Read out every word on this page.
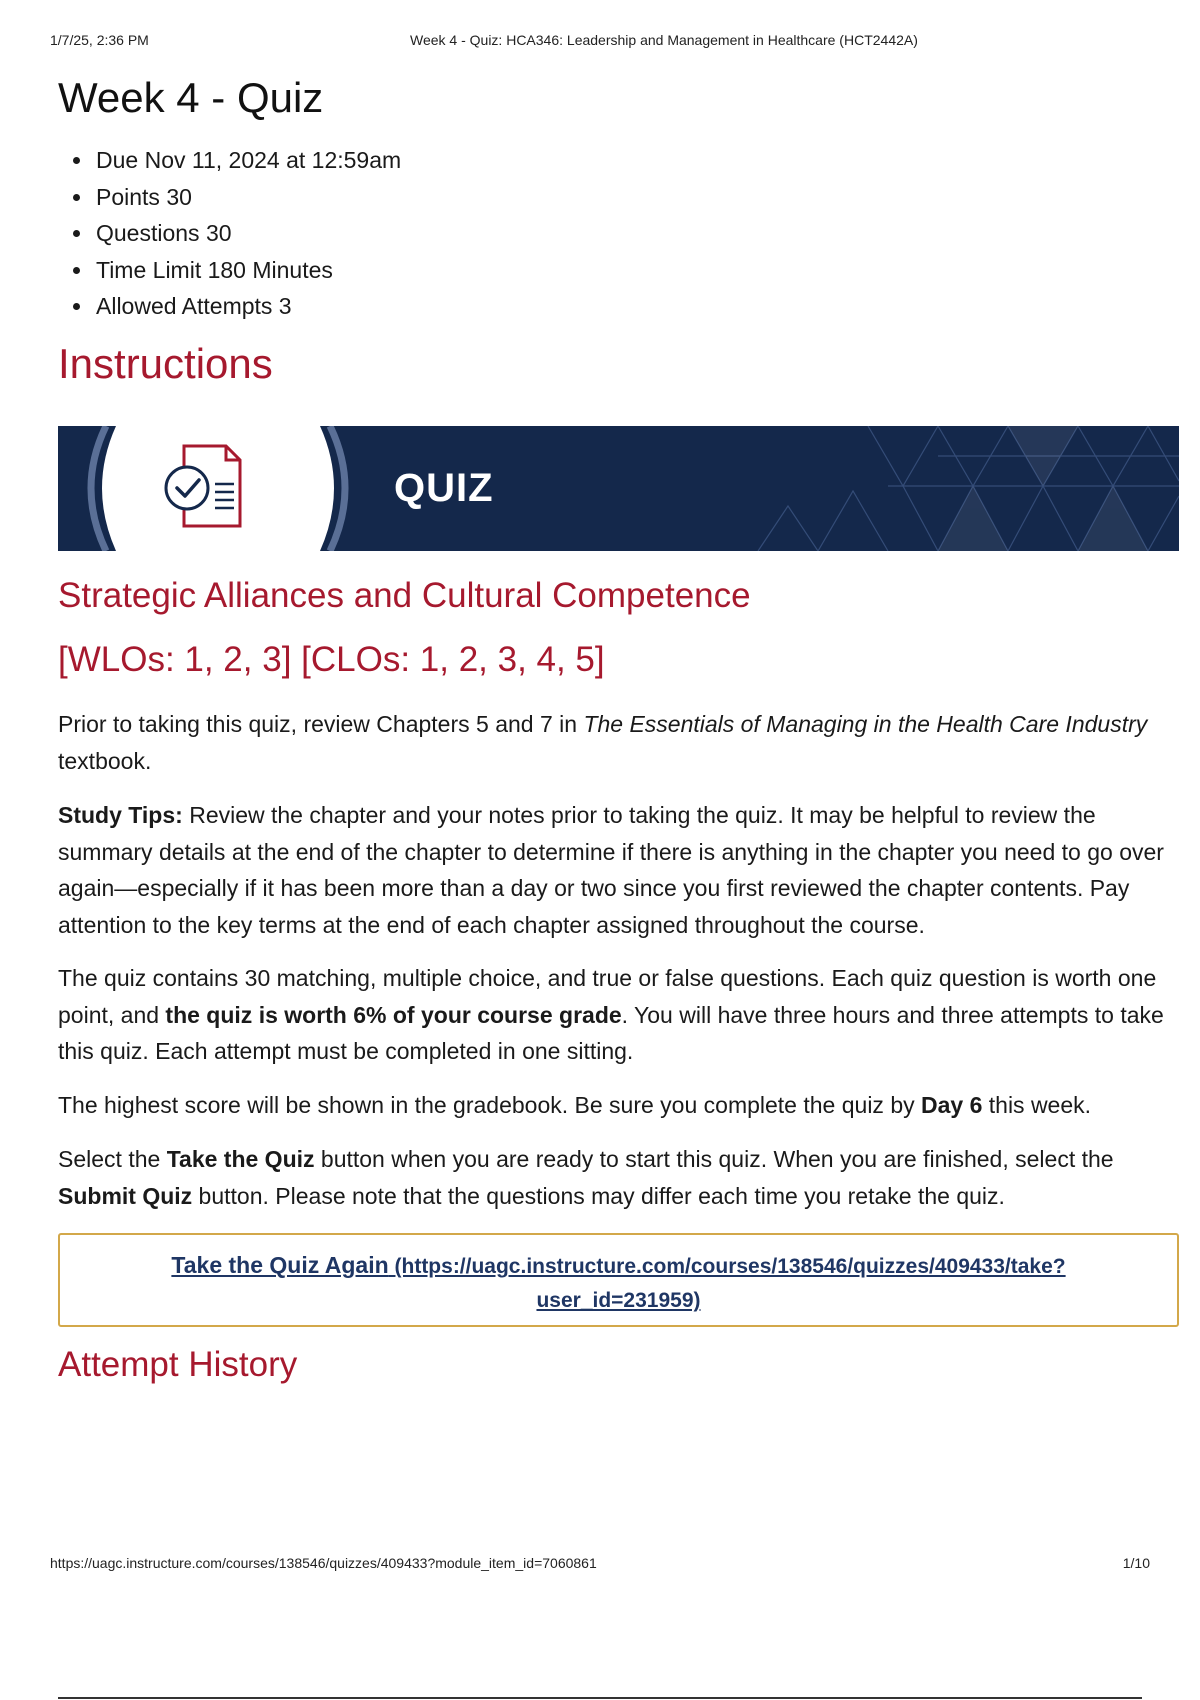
1/7/25, 2:36 PM	Week 4 - Quiz: HCA346: Leadership and Management in Healthcare (HCT2442A)
Week 4 - Quiz
Due Nov 11, 2024 at 12:59am
Points 30
Questions 30
Time Limit 180 Minutes
Allowed Attempts 3
Instructions
QUIZ
Strategic Alliances and Cultural Competence
[WLOs: 1, 2, 3] [CLOs: 1, 2, 3, 4, 5]

Prior to taking this quiz, review Chapters 5 and 7 in The Essentials of Managing in the Health Care Industry textbook.

Study Tips: Review the chapter and your notes prior to taking the quiz. It may be helpful to review the summary details at the end of the chapter to determine if there is anything in the chapter you need to go over again—especially if it has been more than a day or two since you first reviewed the chapter contents. Pay attention to the key terms at the end of each chapter assigned throughout the course.

The quiz contains 30 matching, multiple choice, and true or false questions. Each quiz question is worth one point, and the quiz is worth 6% of your course grade. You will have three hours and three attempts to take this quiz. Each attempt must be completed in one sitting.

The highest score will be shown in the gradebook. Be sure you complete the quiz by Day 6 this week.

Select the Take the Quiz button when you are ready to start this quiz. When you are finished, select the Submit Quiz button. Please note that the questions may differ each time you retake the quiz.

Take the Quiz Again (https://uagc.instructure.com/courses/138546/quizzes/409433/take?
user_id=231959)
Attempt History
https://uagc.instructure.com/courses/138546/quizzes/409433?module_item_id=7060861	1/10
